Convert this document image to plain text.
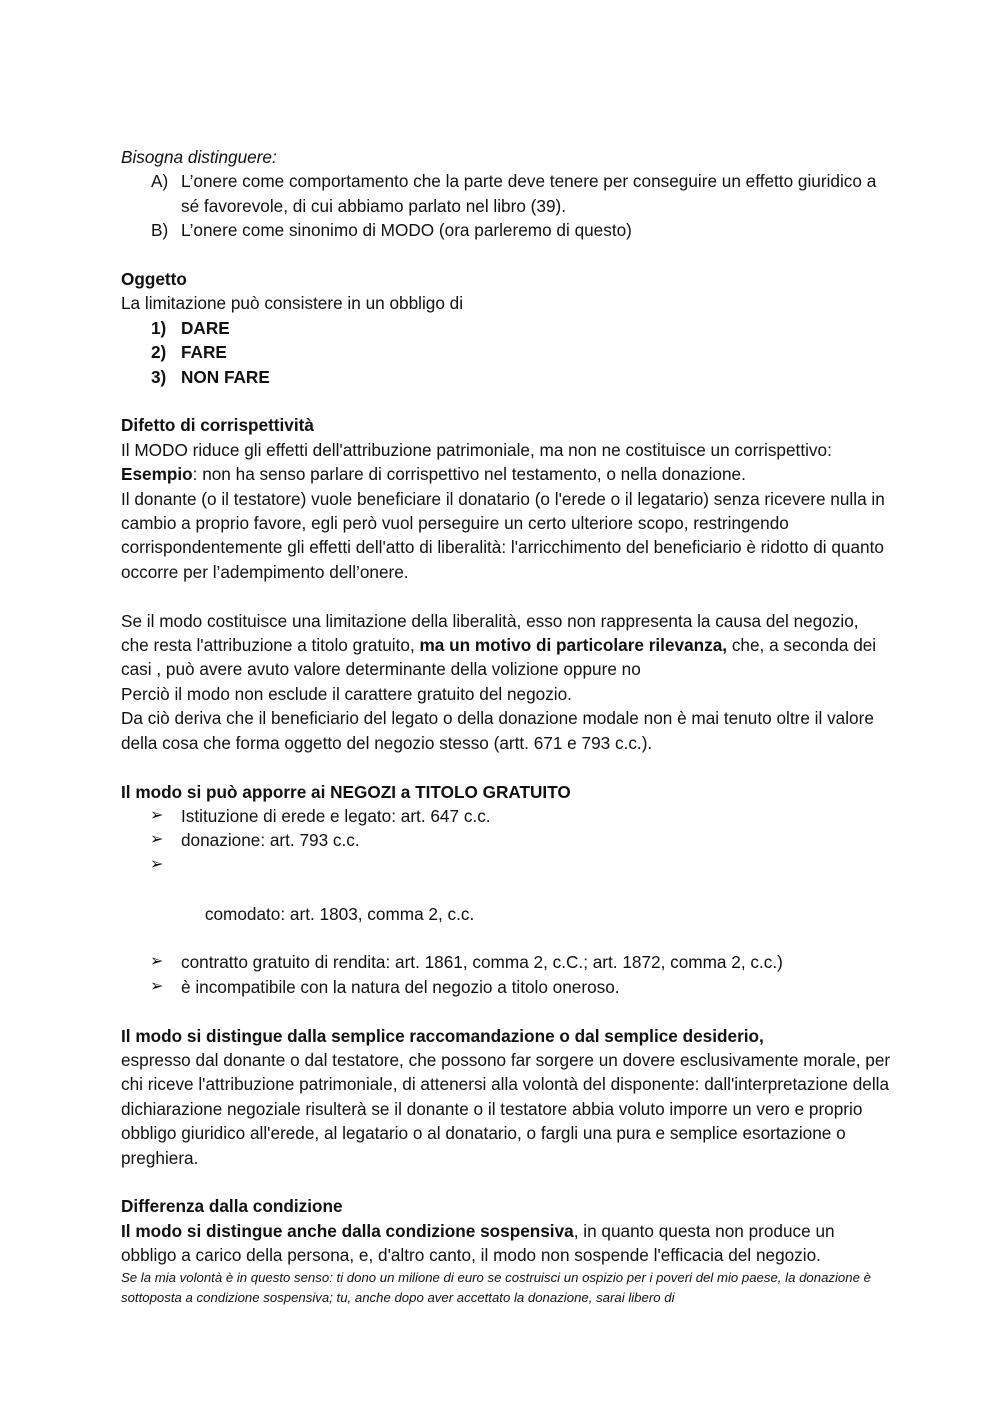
Bisogna distinguere:

A) L’onere come comportamento che la parte deve tenere per conseguire un effetto giuridico a sé favorevole, di cui abbiamo parlato nel libro (39).
B) L’onere come sinonimo di MODO (ora parleremo di questo)

Oggetto

La limitazione può consistere in un obbligo di

1) DARE
2) FARE
3) NON FARE

Difetto di corrispettività

Il MODO riduce gli effetti dell'attribuzione patrimoniale, ma non ne costituisce un corrispettivo:

Esempio: non ha senso parlare di corrispettivo nel testamento, o nella donazione.

Il donante (o il testatore) vuole beneficiare il donatario (o l'erede o il legatario) senza ricevere nulla in cambio a proprio favore, egli però vuol perseguire un certo ulteriore scopo, restringendo corrispondentemente gli effetti dell'atto di liberalità: l'arricchimento del beneficiario è ridotto di quanto occorre per l’adempimento dell’onere.

Se il modo costituisce una limitazione della liberalità, esso non rappresenta la causa del negozio, che resta l'attribuzione a titolo gratuito, ma un motivo di particolare rilevanza, che, a seconda dei casi , può avere avuto valore determinante della volizione oppure no

Perciò il modo non esclude il carattere gratuito del negozio.

Da ciò deriva che il beneficiario del legato o della donazione modale non è mai tenuto oltre il valore della cosa che forma oggetto del negozio stesso (artt. 671 e 793 c.c.).

Il modo si può apporre ai NEGOZI a TITOLO GRATUITO

➢ Istituzione di erede e legato: art. 647 c.c.
➢ donazione: art. 793 c.c.

➢

comodato: art. 1803, comma 2, c.c.

➢ contratto gratuito di rendita: art. 1861, comma 2, c.C.; art. 1872, comma 2, c.c.)
➢ è incompatibile con la natura del negozio a titolo oneroso.

Il modo si distingue dalla semplice raccomandazione o dal semplice desiderio,

espresso dal donante o dal testatore, che possono far sorgere un dovere esclusivamente morale, per chi riceve l'attribuzione patrimoniale, di attenersi alla volontà del disponente: dall'interpretazione della dichiarazione negoziale risulterà se il donante o il testatore abbia voluto imporre un vero e proprio obbligo giuridico all'erede, al legatario o al donatario, o fargli una pura e semplice esortazione o preghiera.

Differenza dalla condizione

Il modo si distingue anche dalla condizione sospensiva, in quanto questa non produce un obbligo a carico della persona, e, d'altro canto, il modo non sospende l'efficacia del negozio.

Se la mia volontà è in questo senso: ti dono un milione di euro se costruisci un ospizio per i poveri del mio paese, la donazione è sottoposta a condizione sospensiva; tu, anche dopo aver accettato la donazione, sarai libero di
